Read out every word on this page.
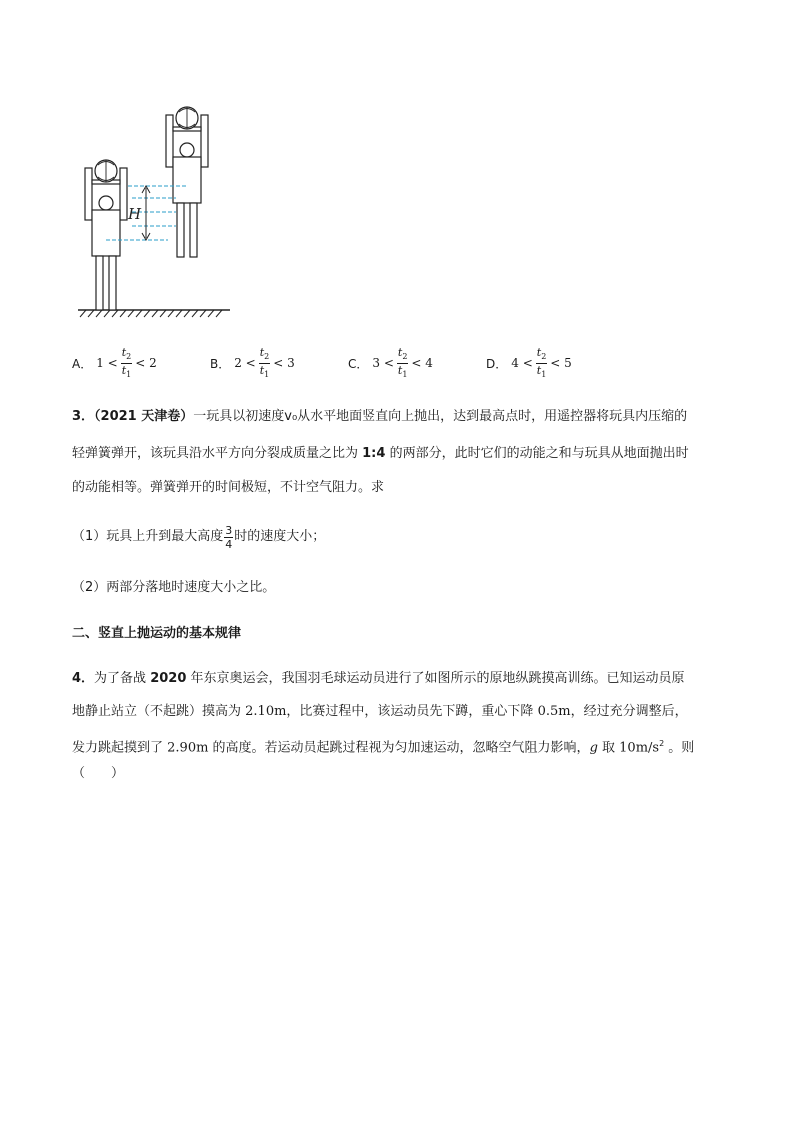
H
A． $1 < \frac{t_2}{t_1} < 2$	B． $2 < \frac{t_2}{t_1} < 3$	C． $3 < \frac{t_2}{t_1} < 4$	D． $4 < \frac{t_2}{t_1} < 5$
3．（2021 天津卷）一玩具以初速度v₀从水平地面竖直向上抛出，达到最高点时，用遥控器将玩具内压缩的
轻弹簧弹开，该玩具沿水平方向分裂成质量之比为 1:4 的两部分，此时它们的动能之和与玩具从地面抛出时
的动能相等。弹簧弹开的时间极短，不计空气阻力。求
（1） 玩具上升到最大高度 $\frac{3}{4}$ 时的速度大小；
（2）两部分落地时速度大小之比。
二、竖直上抛运动的基本规律
4．为了备战 2020 年东京奥运会，我国羽毛球运动员进行了如图所示的原地纵跳摸高训练。已知运动员原
地静止站立（不起跳）摸高为 2.10m，比赛过程中，该运动员先下蹲，重心下降 0.5m，经过充分调整后，
发力跳起摸到了 2.90m 的高度。若运动员起跳过程视为匀加速运动，忽略空气阻力影响，g 取 $10m/s^2$ 。则
（　　）
